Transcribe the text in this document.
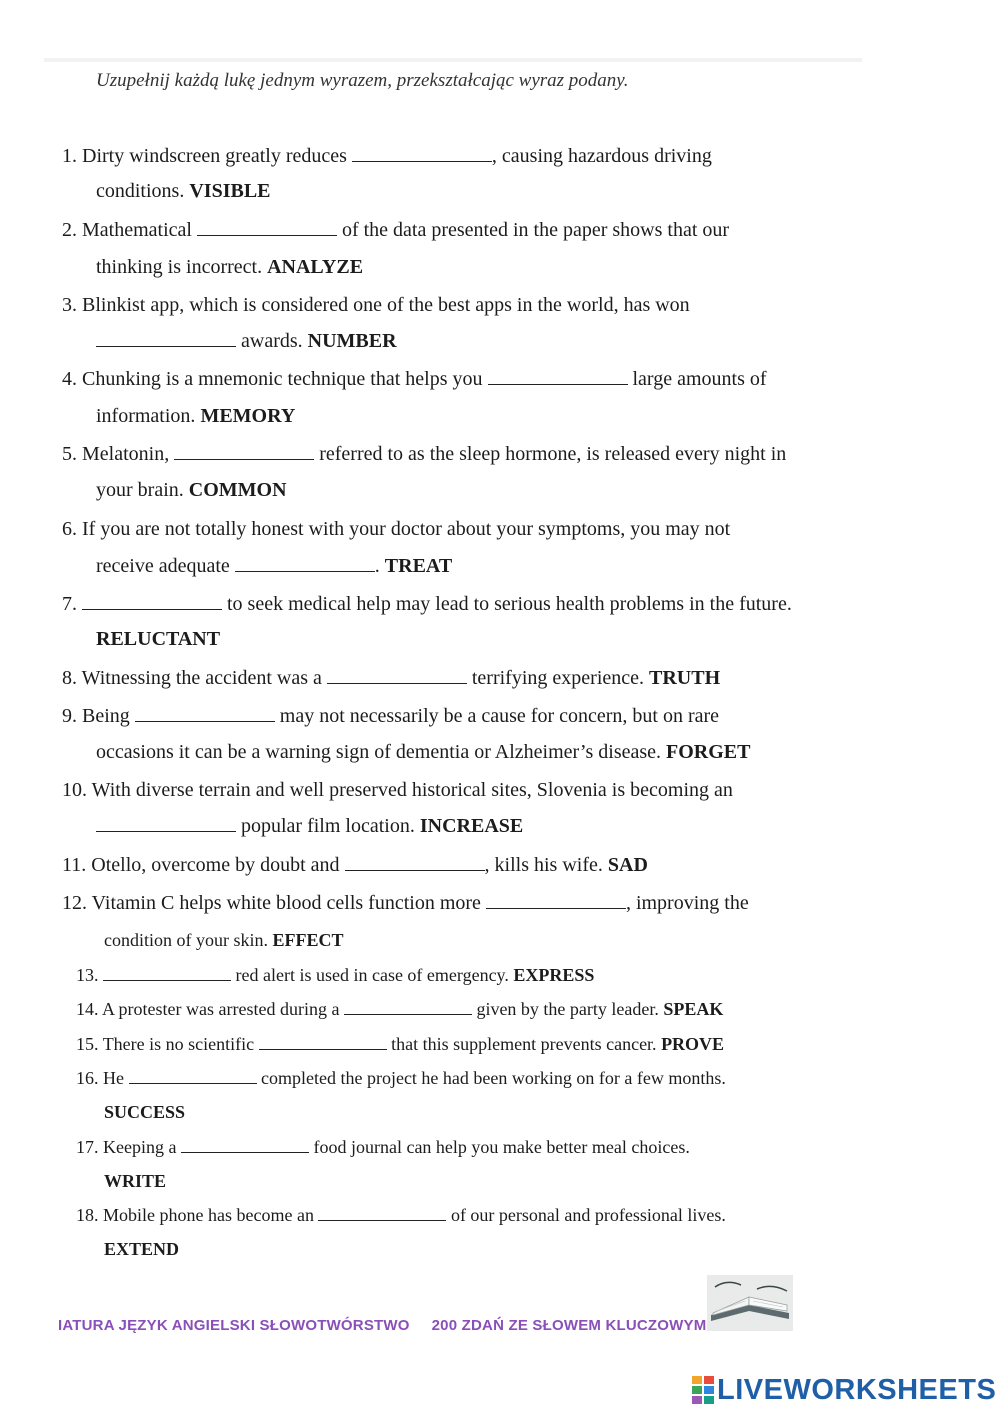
Uzupełnij każdą lukę jednym wyrazem, przekształcając wyraz podany.
1. Dirty windscreen greatly reduces	, causing hazardous driving
conditions. VISIBLE
2. Mathematical	of the data presented in the paper shows that our
thinking is incorrect. ANALYZE
3. Blinkist app, which is considered one of the best apps in the world, has won
awards. NUMBER
4. Chunking is a mnemonic technique that helps you	large amounts of
information. MEMORY
5. Melatonin,	referred to as the sleep hormone, is released every night in
your brain. COMMON
6. If you are not totally honest with your doctor about your symptoms, you may not
receive adequate	. TREAT
7.	to seek medical help may lead to serious health problems in the future.
RELUCTANT
8. Witnessing the accident was a	terrifying experience. TRUTH
9. Being	may not necessarily be a cause for concern, but on rare
occasions it can be a warning sign of dementia or Alzheimer’s disease. FORGET
10. With diverse terrain and well preserved historical sites, Slovenia is becoming an
popular film location. INCREASE
11. Otello, overcome by doubt and	, kills his wife. SAD
12. Vitamin C helps white blood cells function more	, improving the
condition of your skin. EFFECT
13.	red alert is used in case of emergency. EXPRESS
14. A protester was arrested during a	given by the party leader. SPEAK
15. There is no scientific	that this supplement prevents cancer. PROVE
16. He	completed the project he had been working on for a few months.
SUCCESS
17. Keeping a	food journal can help you make better meal choices.
WRITE
18. Mobile phone has become an	of our personal and professional lives.
EXTEND
IATURA JĘZYK ANGIELSKI SŁOWOTWÓRSTWO 200 ZDAŃ ZE SŁOWEM KLUCZOWYM
LIVEWORKSHEETS
